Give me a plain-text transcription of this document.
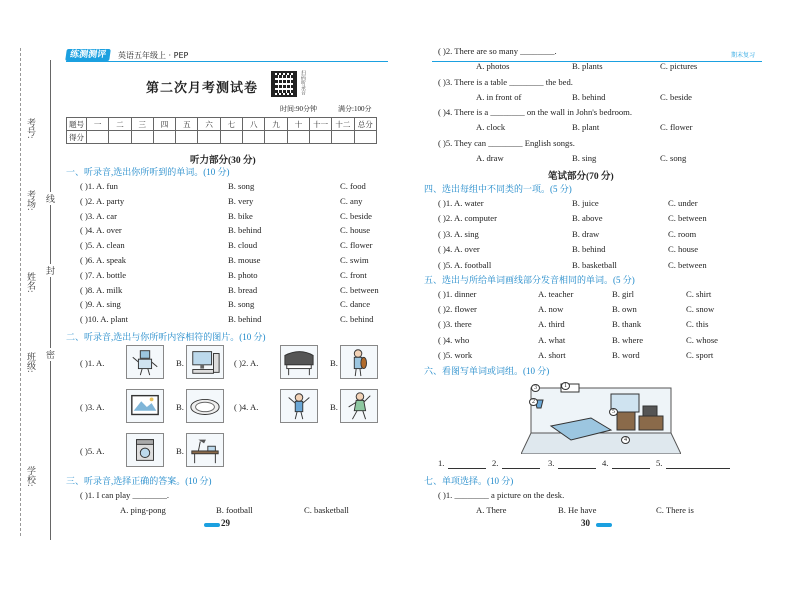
考号:
考场:
姓名:
班级:
学校:
线
封
密
练测测评	英语五年级上 · PEP
第二次月考测试卷	扫码听录音
时间:90分钟	满分:100分
题号	一	二	三	四	五	六	七	八	九	十	十一	十二	总分
得分													
听力部分(30 分)
一、听录音,选出你所听到的单词。(10 分)
( )1. A. fun	B. song	C. food
( )2. A. party	B. very	C. any
( )3. A. car	B. bike	C. beside
( )4. A. over	B. behind	C. house
( )5. A. clean	B. cloud	C. flower
( )6. A. speak	B. mouse	C. swim
( )7. A. bottle	B. photo	C. front
( )8. A. milk	B. bread	C. between
( )9. A. sing	B. song	C. dance
( )10. A. plant	B. behind	C. behind
二、听录音,选出与你所听内容相符的图片。(10 分)
( )1. A.	B.	( )2. A.	B.
( )3. A.	B.	( )4. A.	B.
( )5. A.	B.
三、听录音,选择正确的答案。(10 分)
( )1. I can play ________.
A. ping-pong	B. football	C. basketball
29
期末复习
( )2. There are so many ________.
A. photos	B. plants	C. pictures
( )3. There is a table ________ the bed.
A. in front of	B. behind	C. beside
( )4. There is a ________ on the wall in John's bedroom.
A. clock	B. plant	C. flower
( )5. They can ________ English songs.
A. draw	B. sing	C. song
笔试部分(70 分)
四、选出每组中不同类的一项。(5 分)
( )1. A. water	B. juice	C. under
( )2. A. computer	B. above	C. between
( )3. A. sing	B. draw	C. room
( )4. A. over	B. behind	C. house
( )5. A. football	B. basketball	C. between
五、选出与所给单词画线部分发音相同的单词。(5 分)
( )1. dinner	A. teacher	B. girl	C. shirt
( )2. flower	A. now	B. own	C. snow
( )3. there	A. third	B. thank	C. this
( )4. who	A. what	B. where	C. whose
( )5. work	A. short	B. word	C. sport
六、看图写单词或词组。(10 分)
1
2
3
4
5
1.	2.	3.	4.	5.
七、单项选择。(10 分)
( )1. ________ a picture on the desk.
A. There	B. He have	C. There is
30
